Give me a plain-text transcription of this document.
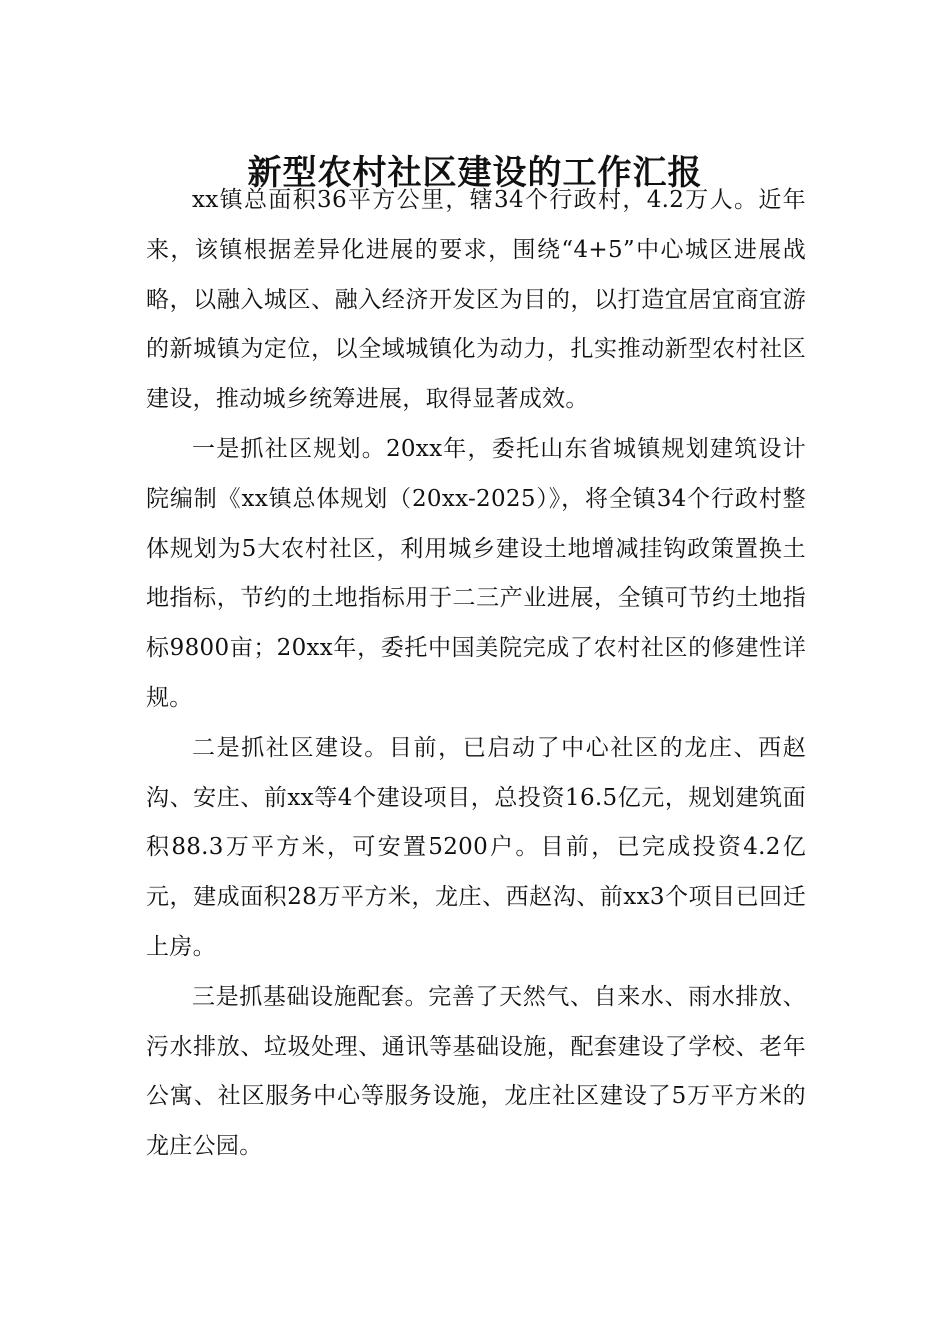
新型农村社区建设的工作汇报

xx镇总面积36平方公里，辖34个行政村，4.2万人。近年来，该镇根据差异化进展的要求，围绕“4+5”中心城区进展战略，以融入城区、融入经济开发区为目的，以打造宜居宜商宜游的新城镇为定位，以全域城镇化为动力，扎实推动新型农村社区建设，推动城乡统筹进展，取得显著成效。

一是抓社区规划。20xx年，委托山东省城镇规划建筑设计院编制《xx镇总体规划（20xx-2025）》，将全镇34个行政村整体规划为5大农村社区，利用城乡建设土地增减挂钩政策置换土地指标，节约的土地指标用于二三产业进展，全镇可节约土地指标9800亩；20xx年，委托中国美院完成了农村社区的修建性详规。

二是抓社区建设。目前，已启动了中心社区的龙庄、西赵沟、安庄、前xx等4个建设项目，总投资16.5亿元，规划建筑面积88.3万平方米，可安置5200户。目前，已完成投资4.2亿元，建成面积28万平方米，龙庄、西赵沟、前xx3个项目已回迁上房。

三是抓基础设施配套。完善了天然气、自来水、雨水排放、污水排放、垃圾处理、通讯等基础设施，配套建设了学校、老年公寓、社区服务中心等服务设施，龙庄社区建设了5万平方米的龙庄公园。
